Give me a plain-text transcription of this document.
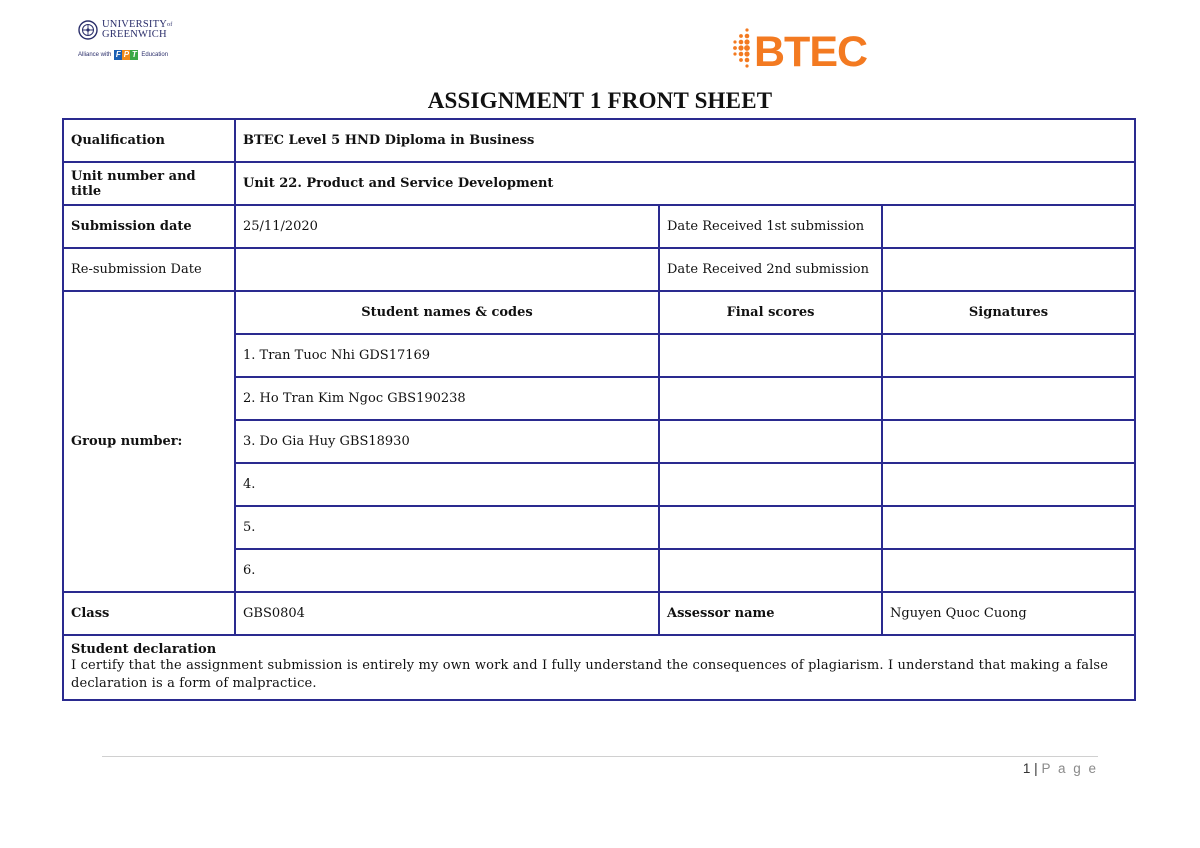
$UNIVERSITY^{of}$
GREENWICH
Alliance with F P T Education	BTEC
ASSIGNMENT 1 FRONT SHEET
Qualification	BTEC Level 5 HND Diploma in Business		
Unit number and title	Unit 22. Product and Service Development		
Submission date	25/11/2020	Date Received 1st submission	
Re-submission Date		Date Received 2nd submission	
Group number:	Student names & codes	Final scores	Signatures
	1. Tran Tuoc Nhi GDS17169		
	2. Ho Tran Kim Ngoc GBS190238		
	3. Do Gia Huy GBS18930		
	4.		
	5.		
	6.		
Class	GBS0804	Assessor name	Nguyen Quoc Cuong

Student declaration
I certify that the assignment submission is entirely my own work and I fully understand the consequences of plagiarism. I understand that making a false declaration is a form of malpractice.			
1 | P a g e
